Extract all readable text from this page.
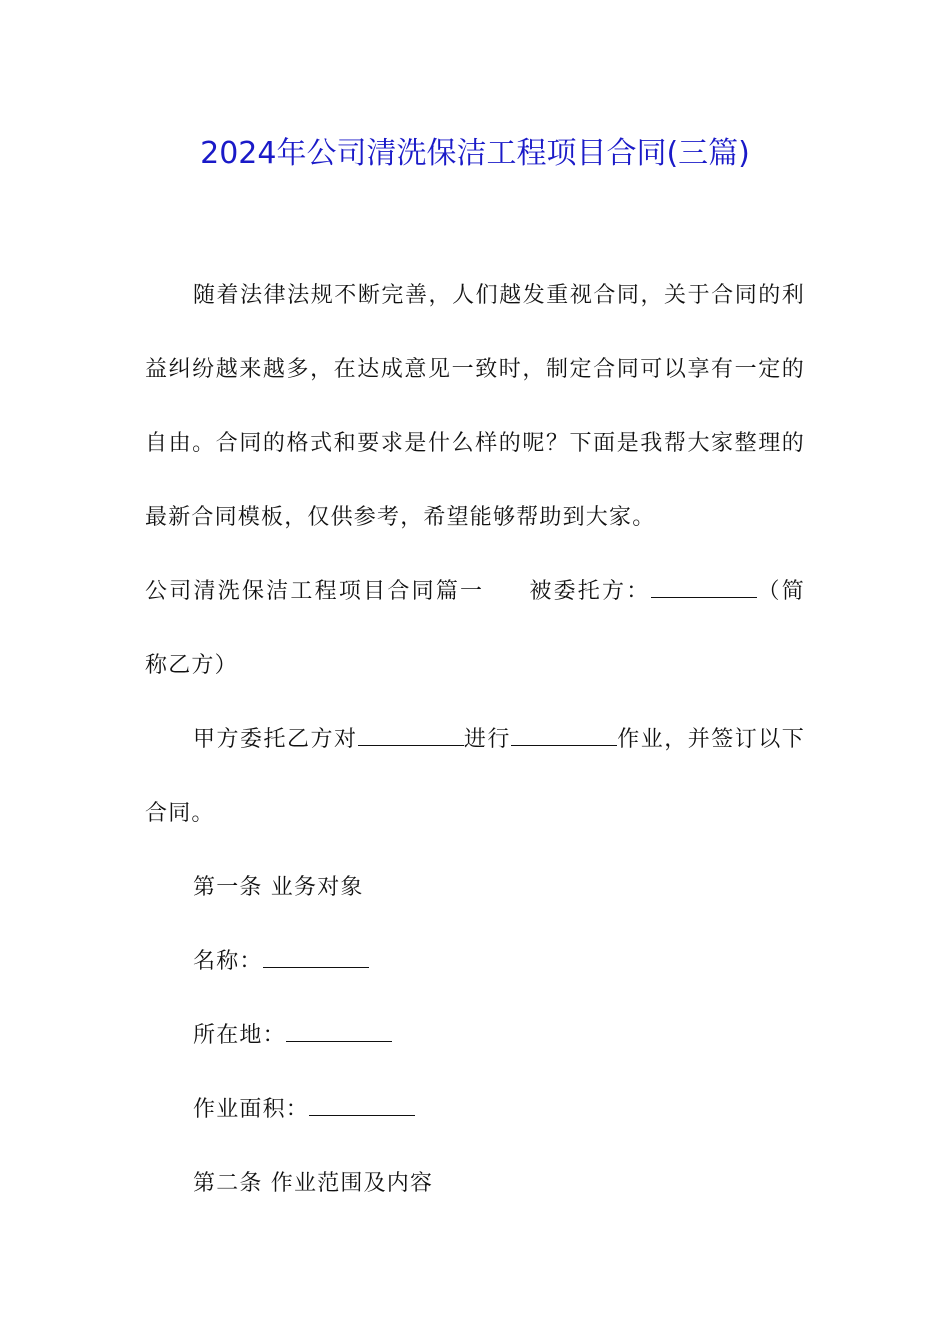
2024年公司清洗保洁工程项目合同(三篇)

随着法律法规不断完善，人们越发重视合同，关于合同的利益纠纷越来越多，在达成意见一致时，制定合同可以享有一定的自由。合同的格式和要求是什么样的呢？下面是我帮大家整理的最新合同模板，仅供参考，希望能够帮助到大家。

公司清洗保洁工程项目合同篇一 被委托方：	（简称乙方）

甲方委托乙方对	进行	作业，并签订以下合同。

第一条 业务对象

名称：

所在地：

作业面积：

第二条 作业范围及内容
